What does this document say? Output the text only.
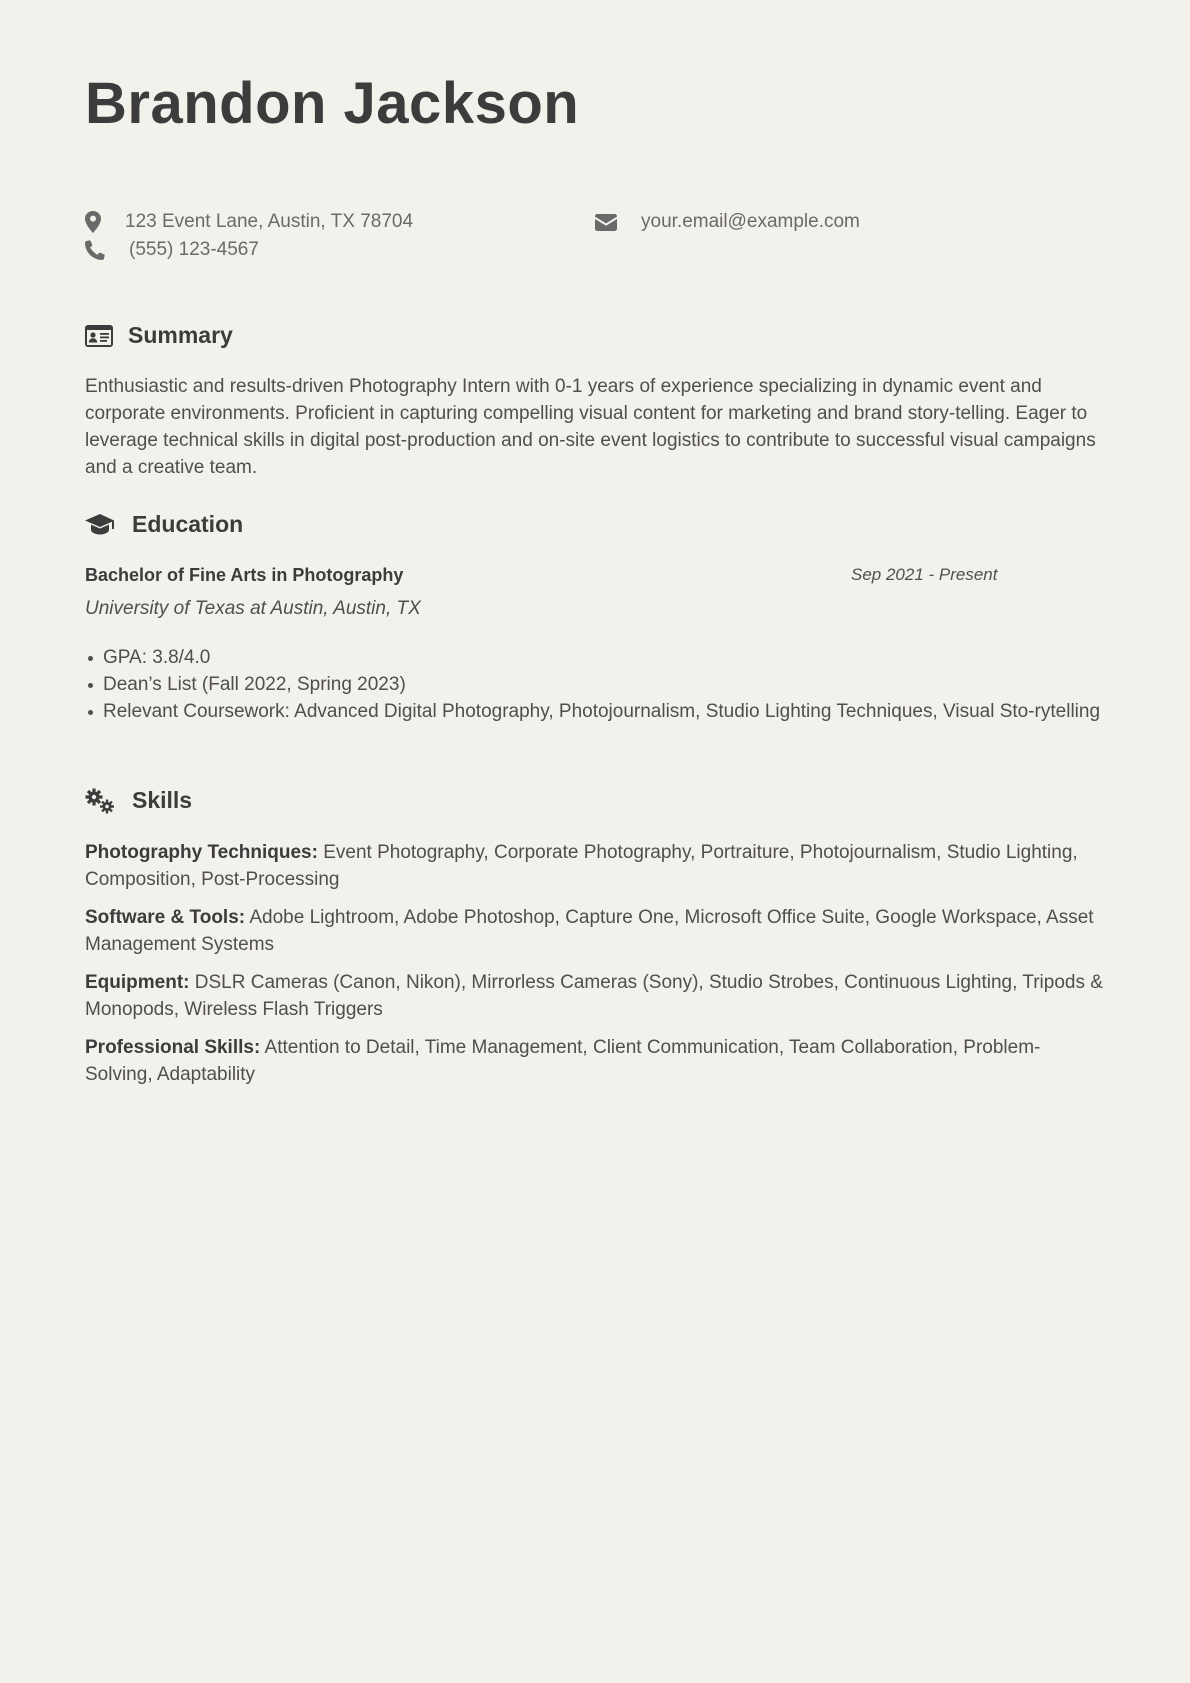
Brandon Jackson
123 Event Lane, Austin, TX 78704	your.email@example.com
(555) 123-4567
Summary

Enthusiastic and results-driven Photography Intern with 0-1 years of experience specializing in dynamic event and corporate environments. Proficient in capturing compelling visual content for marketing and brand story-telling. Eager to leverage technical skills in digital post-production and on-site event logistics to contribute to successful visual campaigns and a creative team.

Education
Bachelor of Fine Arts in Photography	Sep 2021 - Present
University of Texas at Austin, Austin, TX
GPA: 3.8/4.0
Dean’s List (Fall 2022, Spring 2023)
Relevant Coursework: Advanced Digital Photography, Photojournalism, Studio Lighting Techniques, Visual Sto-rytelling
Skills

Photography Techniques: Event Photography, Corporate Photography, Portraiture, Photojournalism, Studio Lighting, Composition, Post-Processing

Software & Tools: Adobe Lightroom, Adobe Photoshop, Capture One, Microsoft Office Suite, Google Workspace, Asset Management Systems

Equipment: DSLR Cameras (Canon, Nikon), Mirrorless Cameras (Sony), Studio Strobes, Continuous Lighting, Tripods & Monopods, Wireless Flash Triggers

Professional Skills: Attention to Detail, Time Management, Client Communication, Team Collaboration, Problem-Solving, Adaptability
